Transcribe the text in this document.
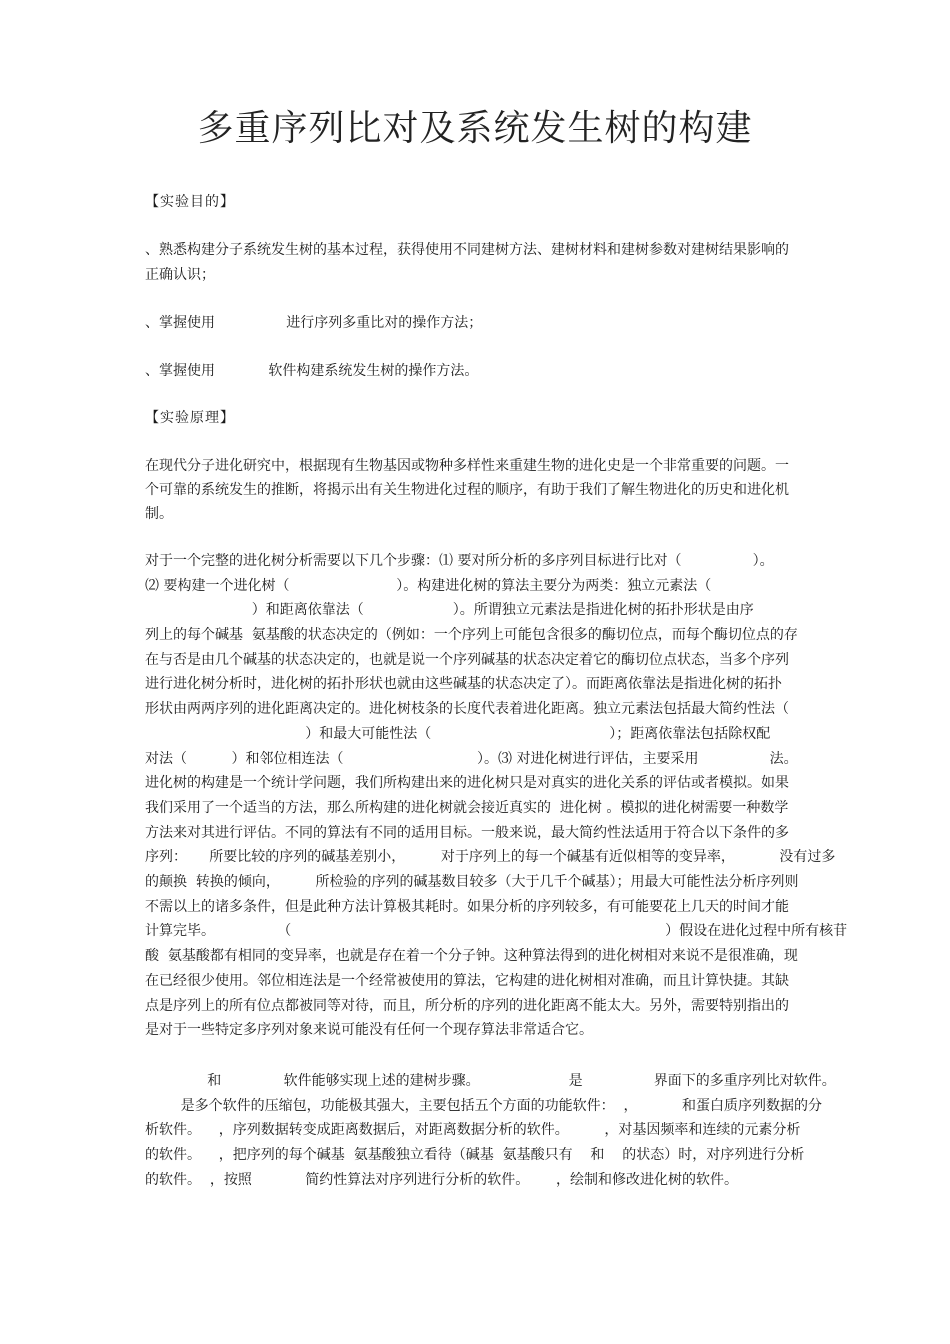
多重序列比对及系统发生树的构建
【实验目的】
、熟悉构建分子系统发生树的基本过程，获得使用不同建树方法、建树材料和建树参数对建树结果影响的
正确认识；
、掌握使用                进行序列多重比对的操作方法；
、掌握使用            软件构建系统发生树的操作方法。
【实验原理】
在现代分子进化研究中，根据现有生物基因或物种多样性来重建生物的进化史是一个非常重要的问题。一
个可靠的系统发生的推断，将揭示出有关生物进化过程的顺序，有助于我们了解生物进化的历史和进化机
制。
对于一个完整的进化树分析需要以下几个步骤：⑴ 要对所分析的多序列目标进行比对（                ）。
⑵ 要构建一个进化树（                        ）。构建进化树的算法主要分为两类：独立元素法（
）和距离依靠法（                    ）。所谓独立元素法是指进化树的拓扑形状是由序
列上的每个碱基  氨基酸的状态决定的（例如：一个序列上可能包含很多的酶切位点，而每个酶切位点的存
在与否是由几个碱基的状态决定的，也就是说一个序列碱基的状态决定着它的酶切位点状态，当多个序列
进行进化树分析时，进化树的拓扑形状也就由这些碱基的状态决定了）。而距离依靠法是指进化树的拓扑
形状由两两序列的进化距离决定的。进化树枝条的长度代表着进化距离。独立元素法包括最大简约性法（
）和最大可能性法（                                        ）；距离依靠法包括除权配
对法（          ）和邻位相连法（                              ）。⑶ 对进化树进行评估，主要采用                法。
进化树的构建是一个统计学问题，我们所构建出来的进化树只是对真实的进化关系的评估或者模拟。如果
我们采用了一个适当的方法，那么所构建的进化树就会接近真实的  进化树 。模拟的进化树需要一种数学
方法来对其进行评估。不同的算法有不同的适用目标。一般来说，最大简约性法适用于符合以下条件的多
序列：     所要比较的序列的碱基差别小，        对于序列上的每一个碱基有近似相等的变异率，          没有过多
的颠换  转换的倾向，        所检验的序列的碱基数目较多（大于几千个碱基）；用最大可能性法分析序列则
不需以上的诸多条件，但是此种方法计算极其耗时。如果分析的序列较多，有可能要花上几天的时间才能
计算完毕。              （                                                                                    ）假设在进化过程中所有核苷
酸  氨基酸都有相同的变异率，也就是存在着一个分子钟。这种算法得到的进化树相对来说不是很准确，现
在已经很少使用。邻位相连法是一个经常被使用的算法，它构建的进化树相对准确，而且计算快捷。其缺
点是序列上的所有位点都被同等对待，而且，所分析的序列的进化距离不能太大。另外，需要特别指出的
是对于一些特定多序列对象来说可能没有任何一个现存算法非常适合它。
和              软件能够实现上述的建树步骤。                    是                界面下的多重序列比对软件。
是多个软件的压缩包，功能极其强大，主要包括五个方面的功能软件：  ，          和蛋白质序列数据的分
析软件。    ，序列数据转变成距离数据后，对距离数据分析的软件。        ，对基因频率和连续的元素分析
的软件。    ，把序列的每个碱基  氨基酸独立看待（碱基  氨基酸只有    和    的状态）时，对序列进行分析
的软件。  ，按照            简约性算法对序列进行分析的软件。      ，绘制和修改进化树的软件。
